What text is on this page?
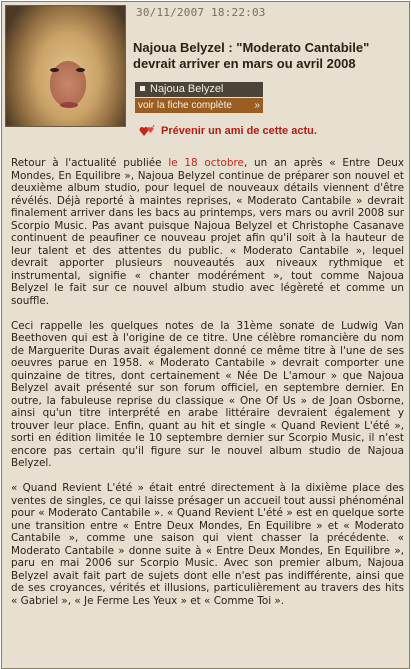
30/11/2007 18:22:03
Najoua Belyzel : "Moderato Cantabile" devrait arriver en mars ou avril 2008
Najoua Belyzel
voir la fiche complète »
Prévenir un ami de cette actu.

Retour à l'actualité publiée le 18 octobre, un an après « Entre Deux Mondes, En Equilibre », Najoua Belyzel continue de préparer son nouvel et deuxième album studio, pour lequel de nouveaux détails viennent d'être révélés. Déjà reporté à maintes reprises, « Moderato Cantabile » devrait finalement arriver dans les bacs au printemps, vers mars ou avril 2008 sur Scorpio Music. Pas avant puisque Najoua Belyzel et Christophe Casanave continuent de peaufiner ce nouveau projet afin qu'il soit à la hauteur de leur talent et des attentes du public. « Moderato Cantabile », lequel devrait apporter plusieurs nouveautés aux niveaux rythmique et instrumental, signifie « chanter modérément », tout comme Najoua Belyzel le fait sur ce nouvel album studio avec légèreté et comme un souffle.

Ceci rappelle les quelques notes de la 31ème sonate de Ludwig Van Beethoven qui est à l'origine de ce titre. Une célèbre romancière du nom de Marguerite Duras avait également donné ce même titre à l'une de ses oeuvres parue en 1958. « Moderato Cantabile » devrait comporter une quinzaine de titres, dont certainement « Née De L'amour » que Najoua Belyzel avait présenté sur son forum officiel, en septembre dernier. En outre, la fabuleuse reprise du classique « One Of Us » de Joan Osborne, ainsi qu'un titre interprété en arabe littéraire devraient également y trouver leur place. Enfin, quant au hit et single « Quand Revient L'été », sorti en édition limitée le 10 septembre dernier sur Scorpio Music, il n'est encore pas certain qu'il figure sur le nouvel album studio de Najoua Belyzel.

« Quand Revient L'été » était entré directement à la dixième place des ventes de singles, ce qui laisse présager un accueil tout aussi phénoménal pour « Moderato Cantabile ». « Quand Revient L'été » est en quelque sorte une transition entre « Entre Deux Mondes, En Equilibre » et « Moderato Cantabile », comme une saison qui vient chasser la précédente. « Moderato Cantabile » donne suite à « Entre Deux Mondes, En Equilibre », paru en mai 2006 sur Scorpio Music. Avec son premier album, Najoua Belyzel avait fait part de sujets dont elle n'est pas indifférente, ainsi que de ses croyances, vérités et illusions, particulièrement au travers des hits « Gabriel », « Je Ferme Les Yeux » et « Comme Toi ».
